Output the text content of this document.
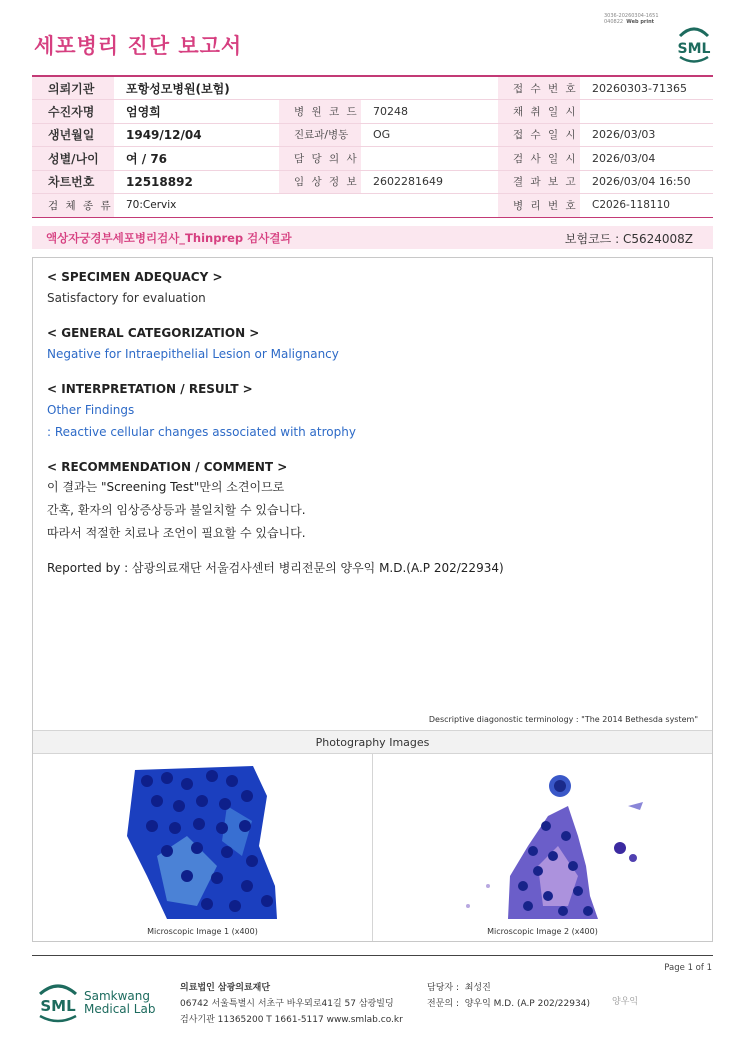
3036-20260304-1651
040822 Web print
세포병리 진단 보고서	SML
의뢰기관	포항성모병원(보험)			접 수 번 호	20260303-71365
수진자명	엄영희	병 원 코 드	70248	채 취 일 시	
생년월일	1949/12/04	진료과/병동	OG	접 수 일 시	2026/03/03
성별/나이	여 / 76	담 당 의 사		검 사 일 시	2026/03/04
차트번호	12518892	임 상 정 보	2602281649	결 과 보 고	2026/03/04 16:50
검 체 종 류	70:Cervix			병 리 번 호	C2026-118110
액상자궁경부세포병리검사_Thinprep 검사결과	보험코드 : C5624008Z
< SPECIMEN ADEQUACY >
Satisfactory for evaluation
< GENERAL CATEGORIZATION >
Negative for Intraepithelial Lesion or Malignancy
< INTERPRETATION / RESULT >
Other Findings
: Reactive cellular changes associated with atrophy
< RECOMMENDATION / COMMENT >
이 결과는 "Screening Test"만의 소견이므로
간혹, 환자의 임상증상등과 불일치할 수 있습니다.
따라서 적절한 치료나 조언이 필요할 수 있습니다.
Reported by : 삼광의료재단 서울검사센터 병리전문의 양우익 M.D.(A.P 202/22934)
Descriptive diagonostic terminology : "The 2014 Bethesda system"
Photography Images
Microscopic Image 1 (x400)	Microscopic Image 2 (x400)
Page 1 of 1
SML
Samkwang
Medical Lab
의료법인 삼광의료재단
06742 서울특별시 서초구 바우뫼로41길 57 삼광빌딩
검사기관 11365200 T 1661-5117 www.smlab.co.kr
담당자 : 최성진
전문의 : 양우익 M.D. (A.P 202/22934) 양우익
